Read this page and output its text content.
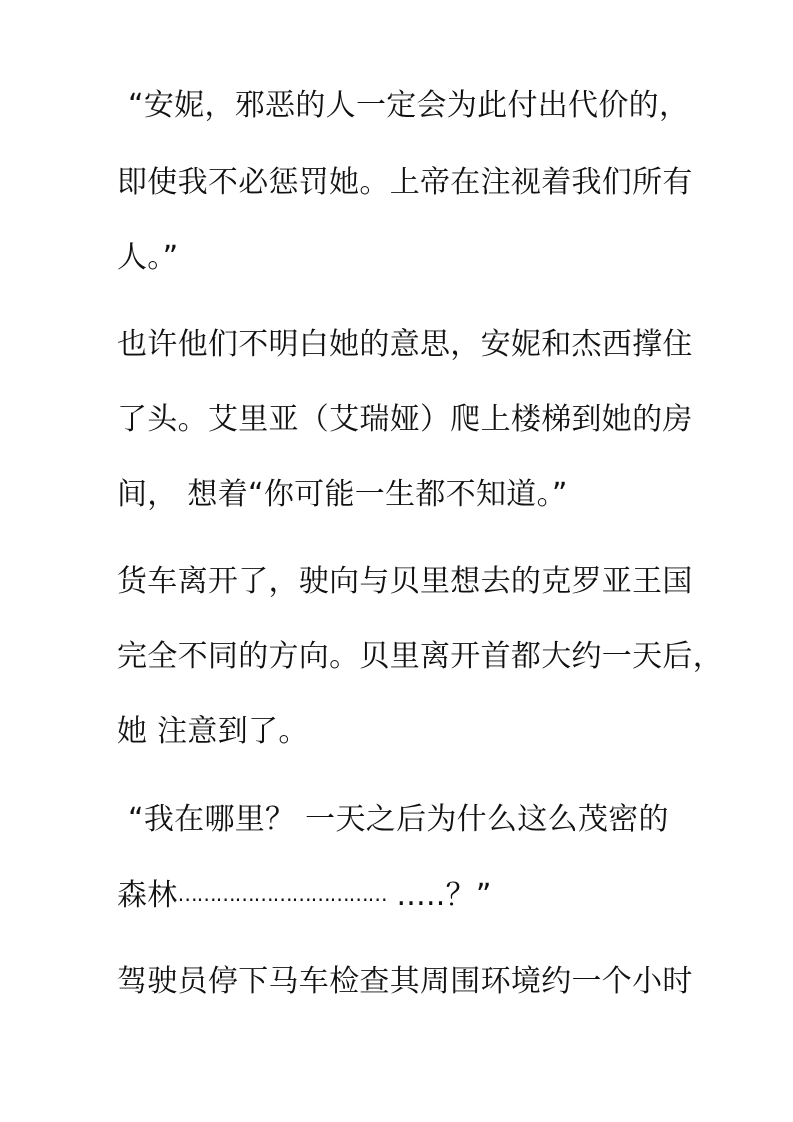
“安妮，邪恶的人一定会为此付出代价的，
即使我不必惩罚她。上帝在注视着我们所有
人。”
也许他们不明白她的意思，安妮和杰西撑住
了头。艾里亚（艾瑞娅）爬上楼梯到她的房
间， 想着“你可能一生都不知道。”
货车离开了，驶向与贝里想去的克罗亚王国
完全不同的方向。贝里离开首都大约一天后，
她 注意到了。
“我在哪里？ 一天之后为什么这么茂密的
森林…………………………… .....？”
驾驶员停下马车检查其周围环境约一个小时
